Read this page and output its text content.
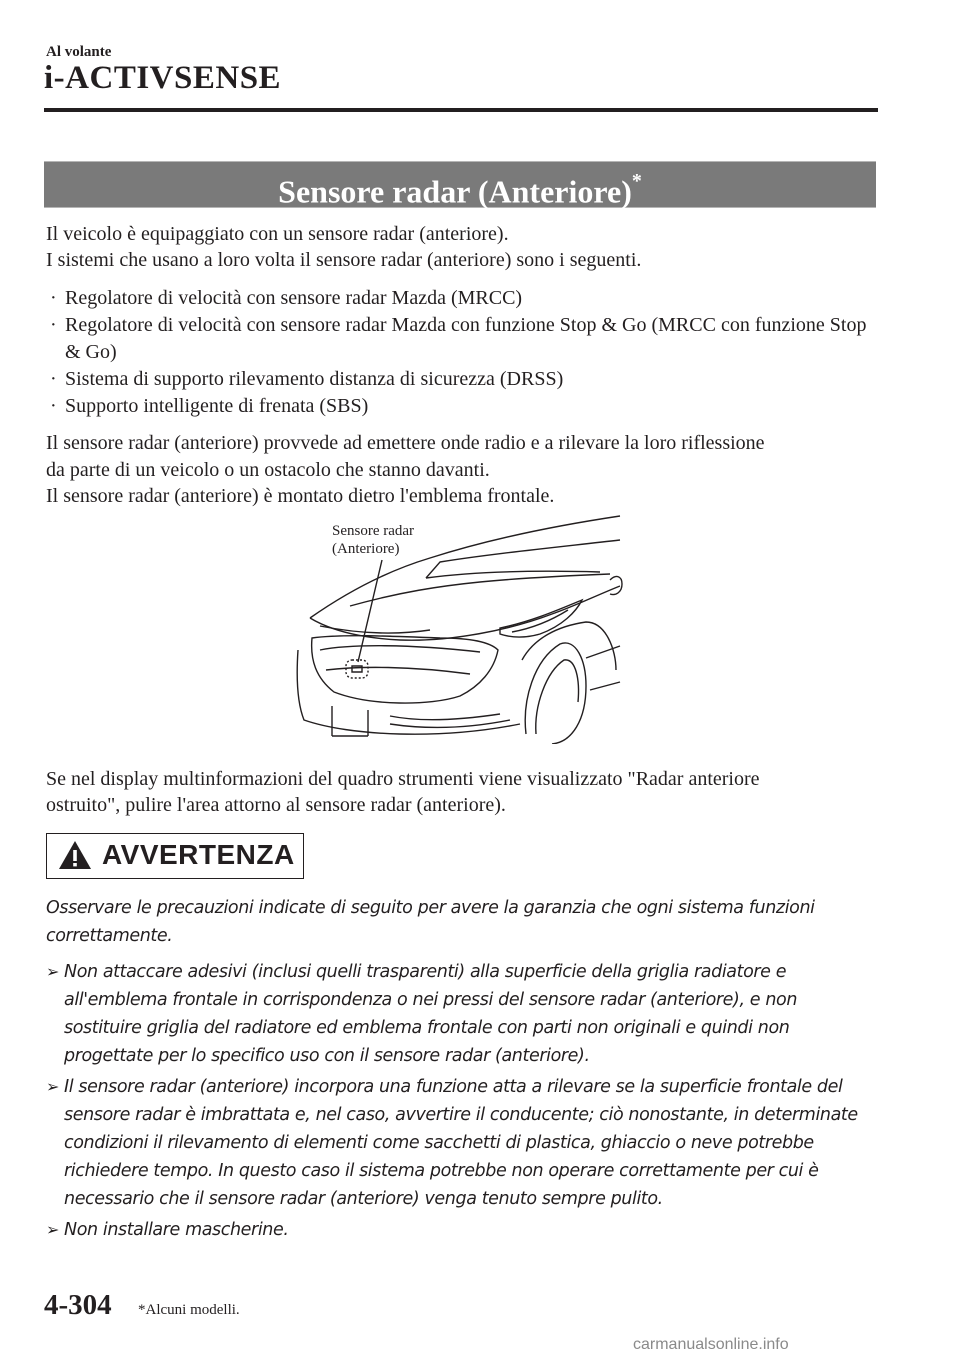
Al volante
i-ACTIVSENSE
Sensore radar (Anteriore)*

Il veicolo è equipaggiato con un sensore radar (anteriore).

I sistemi che usano a loro volta il sensore radar (anteriore) sono i seguenti.

· Regolatore di velocità con sensore radar Mazda (MRCC)
· Regolatore di velocità con sensore radar Mazda con funzione Stop & Go (MRCC con funzione Stop & Go)
· Sistema di supporto rilevamento distanza di sicurezza (DRSS)
· Supporto intelligente di frenata (SBS)

Il sensore radar (anteriore) provvede ad emettere onde radio e a rilevare la loro riflessione

da parte di un veicolo o un ostacolo che stanno davanti.

Il sensore radar (anteriore) è montato dietro l'emblema frontale.

Sensore radar
(Anteriore)

Se nel display multinformazioni del quadro strumenti viene visualizzato "Radar anteriore

ostruito", pulire l'area attorno al sensore radar (anteriore).

AVVERTENZA

Osservare le precauzioni indicate di seguito per avere la garanzia che ogni sistema funzioni correttamente.

➢ Non attaccare adesivi (inclusi quelli trasparenti) alla superficie della griglia radiatore e all'emblema frontale in corrispondenza o nei pressi del sensore radar (anteriore), e non sostituire griglia del radiatore ed emblema frontale con parti non originali e quindi non progettate per lo specifico uso con il sensore radar (anteriore).
➢ Il sensore radar (anteriore) incorpora una funzione atta a rilevare se la superficie frontale del sensore radar è imbrattata e, nel caso, avvertire il conducente; ciò nonostante, in determinate condizioni il rilevamento di elementi come sacchetti di plastica, ghiaccio o neve potrebbe richiedere tempo. In questo caso il sistema potrebbe non operare correttamente per cui è necessario che il sensore radar (anteriore) venga tenuto sempre pulito.
➢ Non installare mascherine.
4-304 *Alcuni modelli.
carmanualsonline.info
